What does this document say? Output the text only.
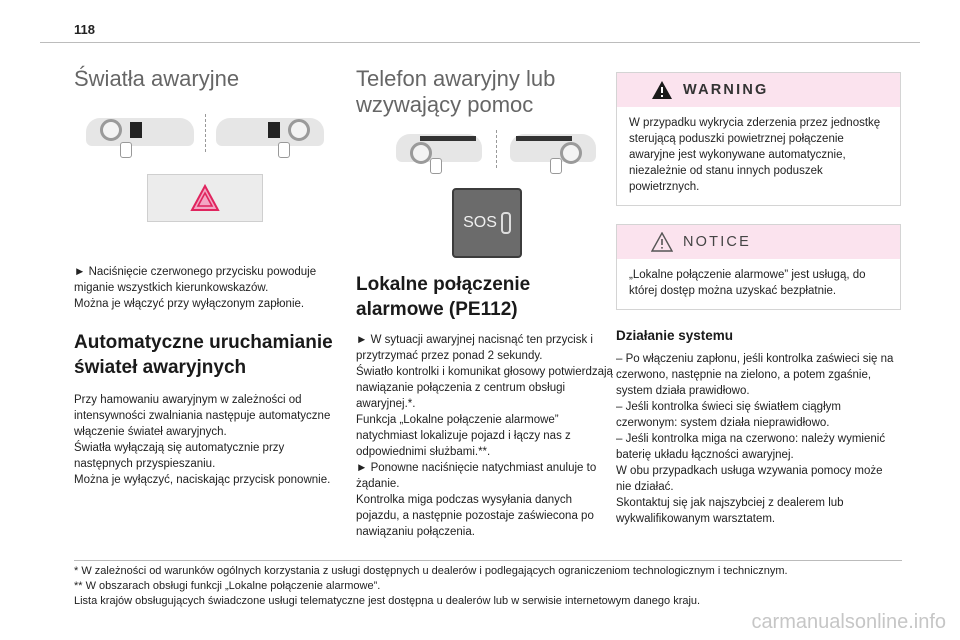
118
Światła awaryjne

► Naciśnięcie czerwonego przycisku powoduje miganie wszystkich kierunkowskazów.
Można je włączyć przy wyłączonym zapłonie.

Automatyczne uruchamianie świateł awaryjnych

Przy hamowaniu awaryjnym w zależności od intensywności zwalniania następuje automatyczne włączenie świateł awaryjnych.
Światła wyłączają się automatycznie przy następnych przyspieszaniu.
Można je wyłączyć, naciskając przycisk ponownie.

Telefon awaryjny lub wzywający pomoc
SOS
Lokalne połączenie alarmowe (PE112)

► W sytuacji awaryjnej nacisnąć ten przycisk i przytrzymać przez ponad 2 sekundy.
Światło kontrolki i komunikat głosowy potwierdzają nawiązanie połączenia z centrum obsługi awaryjnej.*.
Funkcja „Lokalne połączenie alarmowe” natychmiast lokalizuje pojazd i łączy nas z odpowiednimi służbami.**.
► Ponowne naciśnięcie natychmiast anuluje to żądanie.
Kontrolka miga podczas wysyłania danych pojazdu, a następnie pozostaje zaświecona po nawiązaniu połączenia.

WARNING

W przypadku wykrycia zderzenia przez jednostkę sterującą poduszki powietrznej połączenie awaryjne jest wykonywane automatycznie, niezależnie od stanu innych poduszek powietrznych.

NOTICE

„Lokalne połączenie alarmowe” jest usługą, do której dostęp można uzyskać bezpłatnie.

Działanie systemu

– Po włączeniu zapłonu, jeśli kontrolka zaświeci się na czerwono, następnie na zielono, a potem zgaśnie, system działa prawidłowo.
– Jeśli kontrolka świeci się światłem ciągłym czerwonym: system działa nieprawidłowo.
– Jeśli kontrolka miga na czerwono: należy wymienić baterię układu łączności awaryjnej.
W obu przypadkach usługa wzywania pomocy może nie działać.
Skontaktuj się jak najszybciej z dealerem lub wykwalifikowanym warsztatem.

* W zależności od warunków ogólnych korzystania z usługi dostępnych u dealerów i podlegających ograniczeniom technologicznym i technicznym.

** W obszarach obsługi funkcji „Lokalne połączenie alarmowe”.

Lista krajów obsługujących świadczone usługi telematyczne jest dostępna u dealerów lub w serwisie internetowym danego kraju.

carmanualsonline.info
